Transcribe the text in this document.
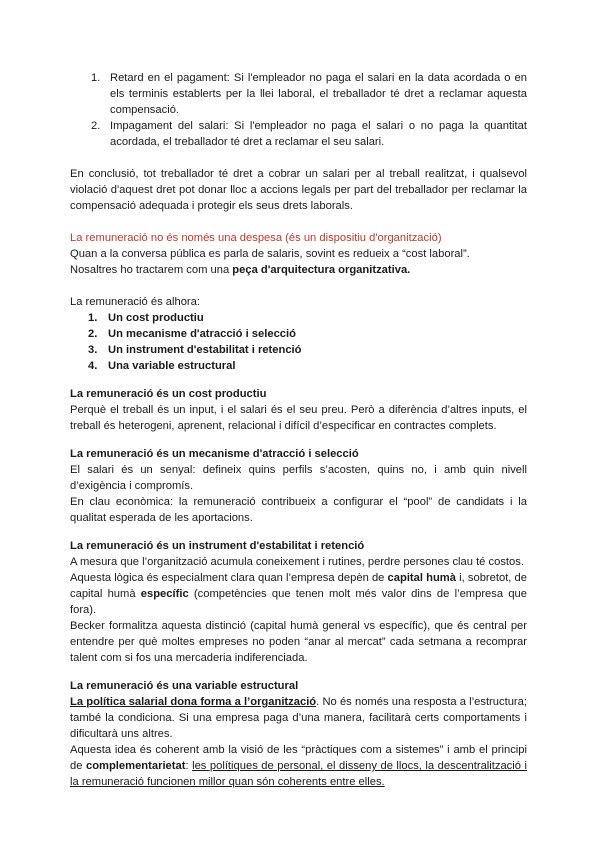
1. Retard en el pagament: Si l'empleador no paga el salari en la data acordada o en els terminis establerts per la llei laboral, el treballador té dret a reclamar aquesta compensació.
2. Impagament del salari: Si l'empleador no paga el salari o no paga la quantitat acordada, el treballador té dret a reclamar el seu salari.

En conclusió, tot treballador té dret a cobrar un salari per al treball realitzat, i qualsevol violació d'aquest dret pot donar lloc a accions legals per part del treballador per reclamar la compensació adequada i protegir els seus drets laborals.

La remuneració no és només una despesa (és un dispositiu d'organització)

Quan a la conversa pública es parla de salaris, sovint es redueix a “cost laboral”.

Nosaltres ho tractarem com una peça d'arquitectura organitzativa.

La remuneració és alhora:

1. Un cost productiu
2. Un mecanisme d'atracció i selecció
3. Un instrument d'estabilitat i retenció
4. Una variable estructural
La remuneració és un cost productiu

Perquè el treball és un input, i el salari és el seu preu. Però a diferència d’altres inputs, el treball és heterogeni, aprenent, relacional i difícil d’especificar en contractes complets.

La remuneració és un mecanisme d'atracció i selecció

El salari és un senyal: defineix quins perfils s’acosten, quins no, i amb quin nivell d’exigència i compromís.

En clau econòmica: la remuneració contribueix a configurar el “pool” de candidats i la qualitat esperada de les aportacions.

La remuneració és un instrument d'estabilitat i retenció

A mesura que l’organització acumula coneixement i rutines, perdre persones clau té costos.

Aquesta lògica és especialment clara quan l’empresa depèn de capital humà i, sobretot, de capital humà específic (competències que tenen molt més valor dins de l’empresa que fora).

Becker formalitza aquesta distinció (capital humà general vs específic), que és central per entendre per què moltes empreses no poden “anar al mercat” cada setmana a recomprar talent com si fos una mercaderia indiferenciada.

La remuneració és una variable estructural

La política salarial dona forma a l’organització. No és només una resposta a l’estructura; també la condiciona. Si una empresa paga d’una manera, facilitarà certs comportaments i dificultarà uns altres.

Aquesta idea és coherent amb la visió de les “pràctiques com a sistemes” i amb el principi de complementarietat: les polítiques de personal, el disseny de llocs, la descentralització i la remuneració funcionen millor quan són coherents entre elles.
